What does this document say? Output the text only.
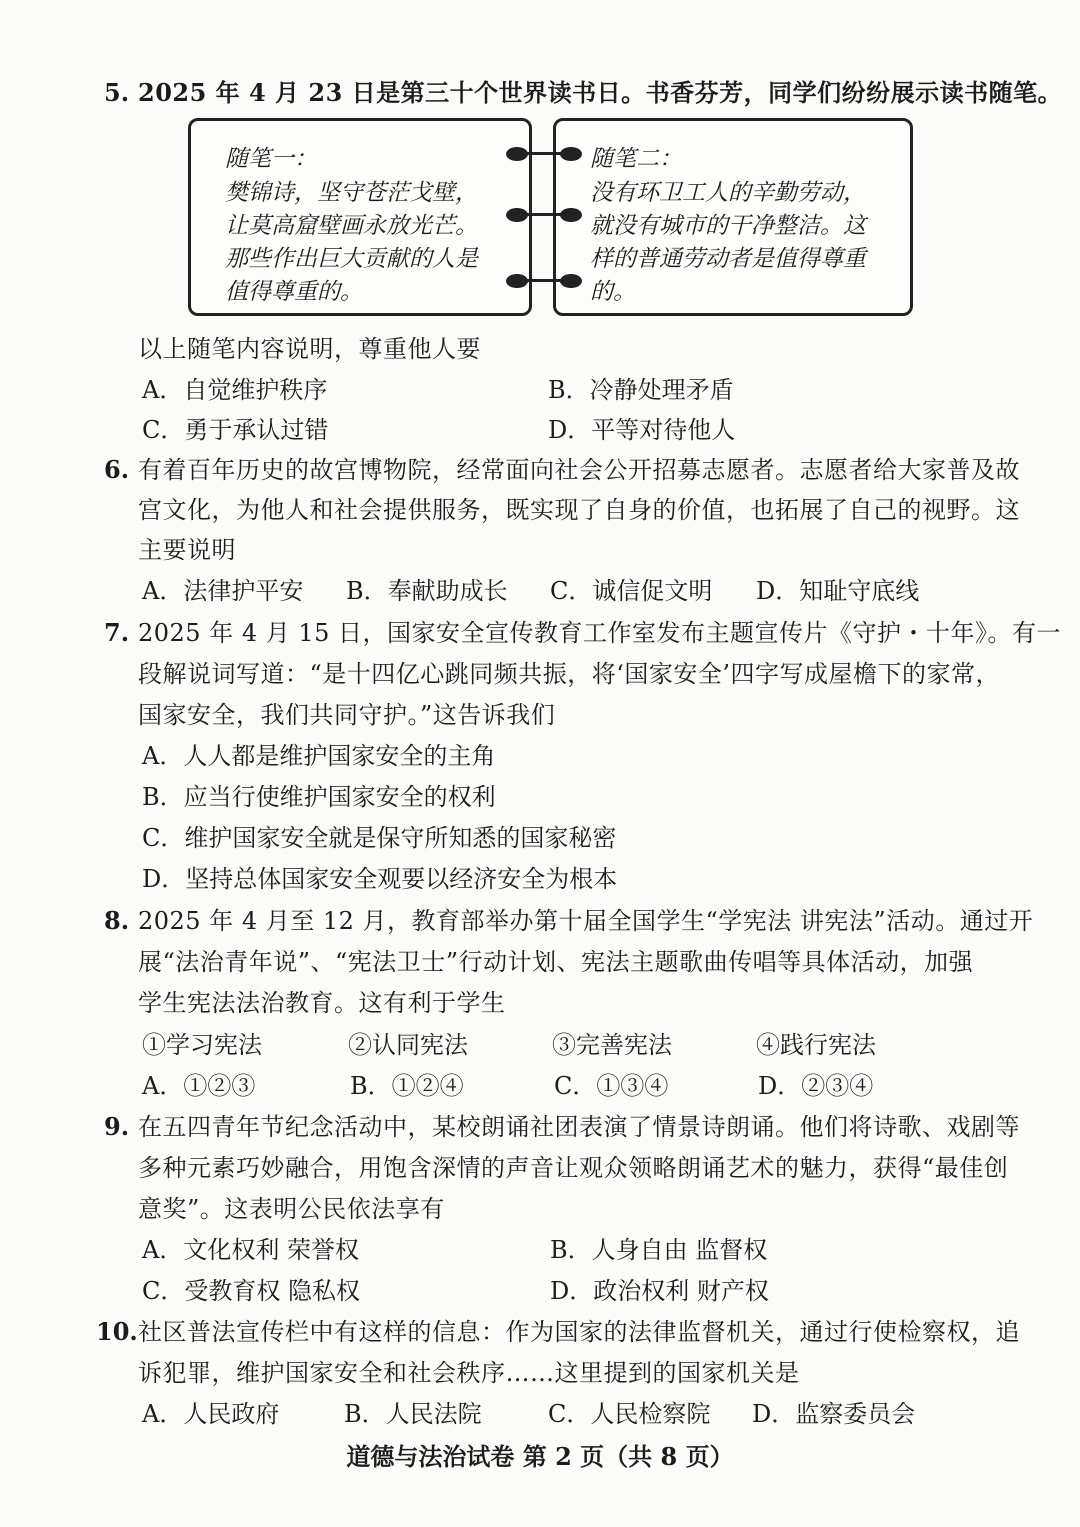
5. 2025 年 4 月 23 日是第三十个世界读书日。书香芬芳，同学们纷纷展示读书随笔。
随笔一：
樊锦诗，坚守苍茫戈壁，让莫高窟壁画永放光芒。那些作出巨大贡献的人是值得尊重的。
随笔二：
没有环卫工人的辛勤劳动，就没有城市的干净整洁。这样的普通劳动者是值得尊重的。
以上随笔内容说明，尊重他人要
A．自觉维护秩序	B．冷静处理矛盾
C．勇于承认过错	D．平等对待他人
6. 有着百年历史的故宫博物院，经常面向社会公开招募志愿者。志愿者给大家普及故
宫文化，为他人和社会提供服务，既实现了自身的价值，也拓展了自己的视野。这
主要说明
A．法律护平安 B．奉献助成长 C．诚信促文明 D．知耻守底线
7. 2025 年 4 月 15 日，国家安全宣传教育工作室发布主题宣传片《守护・十年》。有一
段解说词写道：“是十四亿心跳同频共振，将‘国家安全’四字写成屋檐下的家常，
国家安全，我们共同守护。”这告诉我们
A．人人都是维护国家安全的主角
B．应当行使维护国家安全的权利
C．维护国家安全就是保守所知悉的国家秘密
D．坚持总体国家安全观要以经济安全为根本
8. 2025 年 4 月至 12 月，教育部举办第十届全国学生“学宪法 讲宪法”活动。通过开
展“法治青年说”、“宪法卫士”行动计划、宪法主题歌曲传唱等具体活动，加强
学生宪法法治教育。这有利于学生
①学习宪法	②认同宪法	③完善宪法	④践行宪法
A．①②③	B．①②④	C．①③④	D．②③④
9. 在五四青年节纪念活动中，某校朗诵社团表演了情景诗朗诵。他们将诗歌、戏剧等
多种元素巧妙融合，用饱含深情的声音让观众领略朗诵艺术的魅力，获得“最佳创
意奖”。这表明公民依法享有
A．文化权利 荣誉权	B．人身自由 监督权
C．受教育权 隐私权	D．政治权利 财产权
10. 社区普法宣传栏中有这样的信息：作为国家的法律监督机关，通过行使检察权，追
诉犯罪，维护国家安全和社会秩序……这里提到的国家机关是
A．人民政府	B．人民法院	C．人民检察院 D．监察委员会
道德与法治试卷 第 2 页（共 8 页）
